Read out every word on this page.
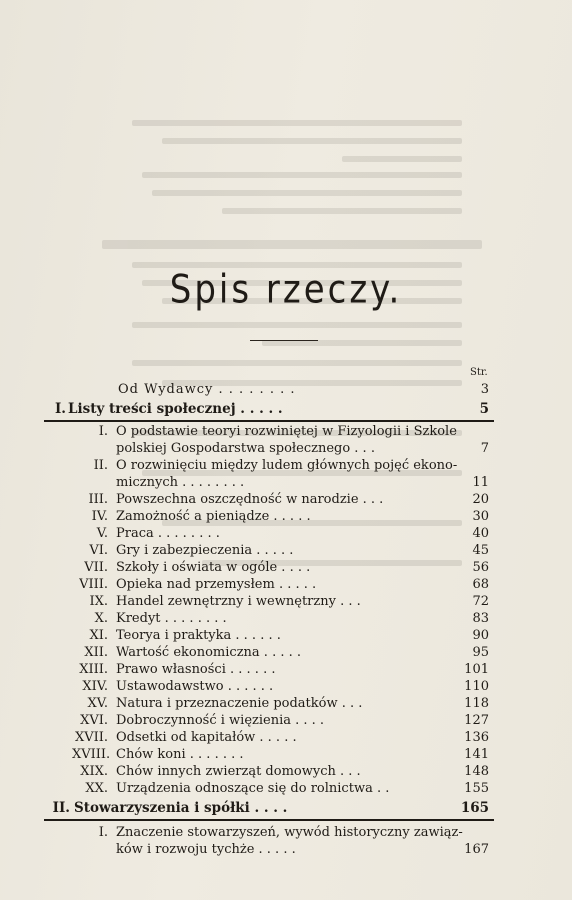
Spis rzeczy.
Str.
Od Wydawcy . . . . . . . .	3
I. Listy treści społecznej . . . . .	5
I. O podstawie teoryi rozwiniętej w Fizyologii i Szkole
polskiej Gospodarstwa społecznego . . .	7
II. O rozwinięciu między ludem głównych pojęć ekono-
micznych . . . . . . . .	11
III. Powszechna oszczędność w narodzie . . .	20
IV. Zamożność a pieniądze . . . . .	30
V. Praca . . . . . . . .	40
VI. Gry i zabezpieczenia . . . . .	45
VII. Szkoły i oświata w ogóle . . . .	56
VIII. Opieka nad przemysłem . . . . .	68
IX. Handel zewnętrzny i wewnętrzny . . .	72
X. Kredyt . . . . . . . .	83
XI. Teorya i praktyka . . . . . .	90
XII. Wartość ekonomiczna . . . . .	95
XIII. Prawo własności . . . . . .	101
XIV. Ustawodawstwo . . . . . .	110
XV. Natura i przeznaczenie podatków . . .	118
XVI. Dobroczynność i więzienia . . . .	127
XVII. Odsetki od kapitałów . . . . .	136
XVIII. Chów koni . . . . . . .	141
XIX. Chów innych zwierząt domowych . . .	148
XX. Urządzenia odnoszące się do rolnictwa . .	155
II. Stowarzyszenia i spółki . . . .	165
I. Znaczenie stowarzyszeń, wywód historyczny zawiąz-
ków i rozwoju tychże . . . . .	167
